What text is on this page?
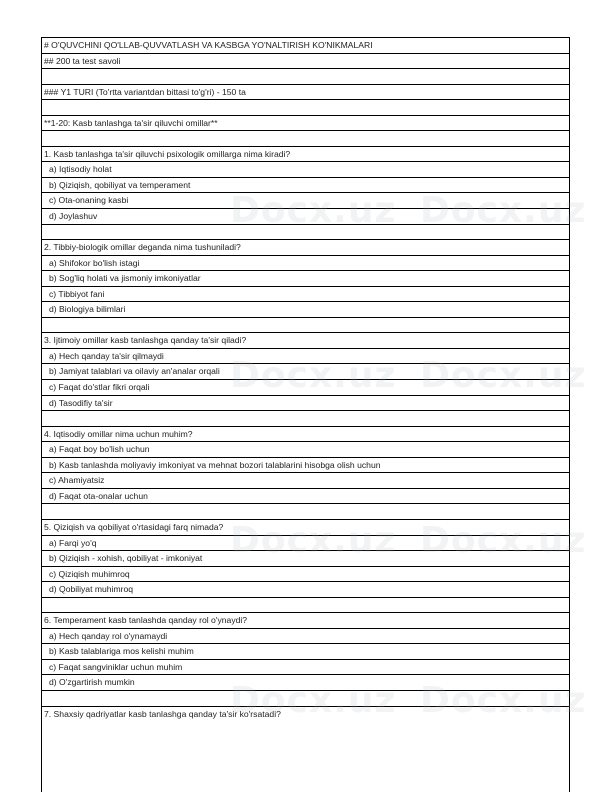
# O'QUVCHINI QO'LLAB-QUVVATLASH VA KASBGA YO'NALTIRISH KO'NIKMALARI
## 200 ta test savoli
### Y1 TURI (To'rtta variantdan bittasi to'g'ri) - 150 ta
**1-20: Kasb tanlashga ta'sir qiluvchi omillar**
1. Kasb tanlashga ta'sir qiluvchi psixologik omillarga nima kiradi?
a) Iqtisodiy holat
b) Qiziqish, qobiliyat va temperament
c) Ota-onaning kasbi
d) Joylashuv
2. Tibbiy-biologik omillar deganda nima tushuniladi?
a) Shifokor bo'lish istagi
b) Sog'liq holati va jismoniy imkoniyatlar
c) Tibbiyot fani
d) Biologiya bilimlari
3. Ijtimoiy omillar kasb tanlashga qanday ta'sir qiladi?
a) Hech qanday ta'sir qilmaydi
b) Jamiyat talablari va oilaviy an'analar orqali
c) Faqat do'stlar fikri orqali
d) Tasodifiy ta'sir
4. Iqtisodiy omillar nima uchun muhim?
a) Faqat boy bo'lish uchun
b) Kasb tanlashda moliyaviy imkoniyat va mehnat bozori talablarini hisobga olish uchun
c) Ahamiyatsiz
d) Faqat ota-onalar uchun
5. Qiziqish va qobiliyat o'rtasidagi farq nimada?
a) Farqi yo'q
b) Qiziqish - xohish, qobiliyat - imkoniyat
c) Qiziqish muhimroq
d) Qobiliyat muhimroq
6. Temperament kasb tanlashda qanday rol o'ynaydi?
a) Hech qanday rol o'ynamaydi
b) Kasb talablariga mos kelishi muhim
c) Faqat sangviniklar uchun muhim
d) O'zgartirish mumkin
7. Shaxsiy qadriyatlar kasb tanlashga qanday ta'sir ko'rsatadi?
Docx.uz Docx.uz
Docx.uz Docx.uz
Docx.uz Docx.uz
Docx.uz Docx.uz
